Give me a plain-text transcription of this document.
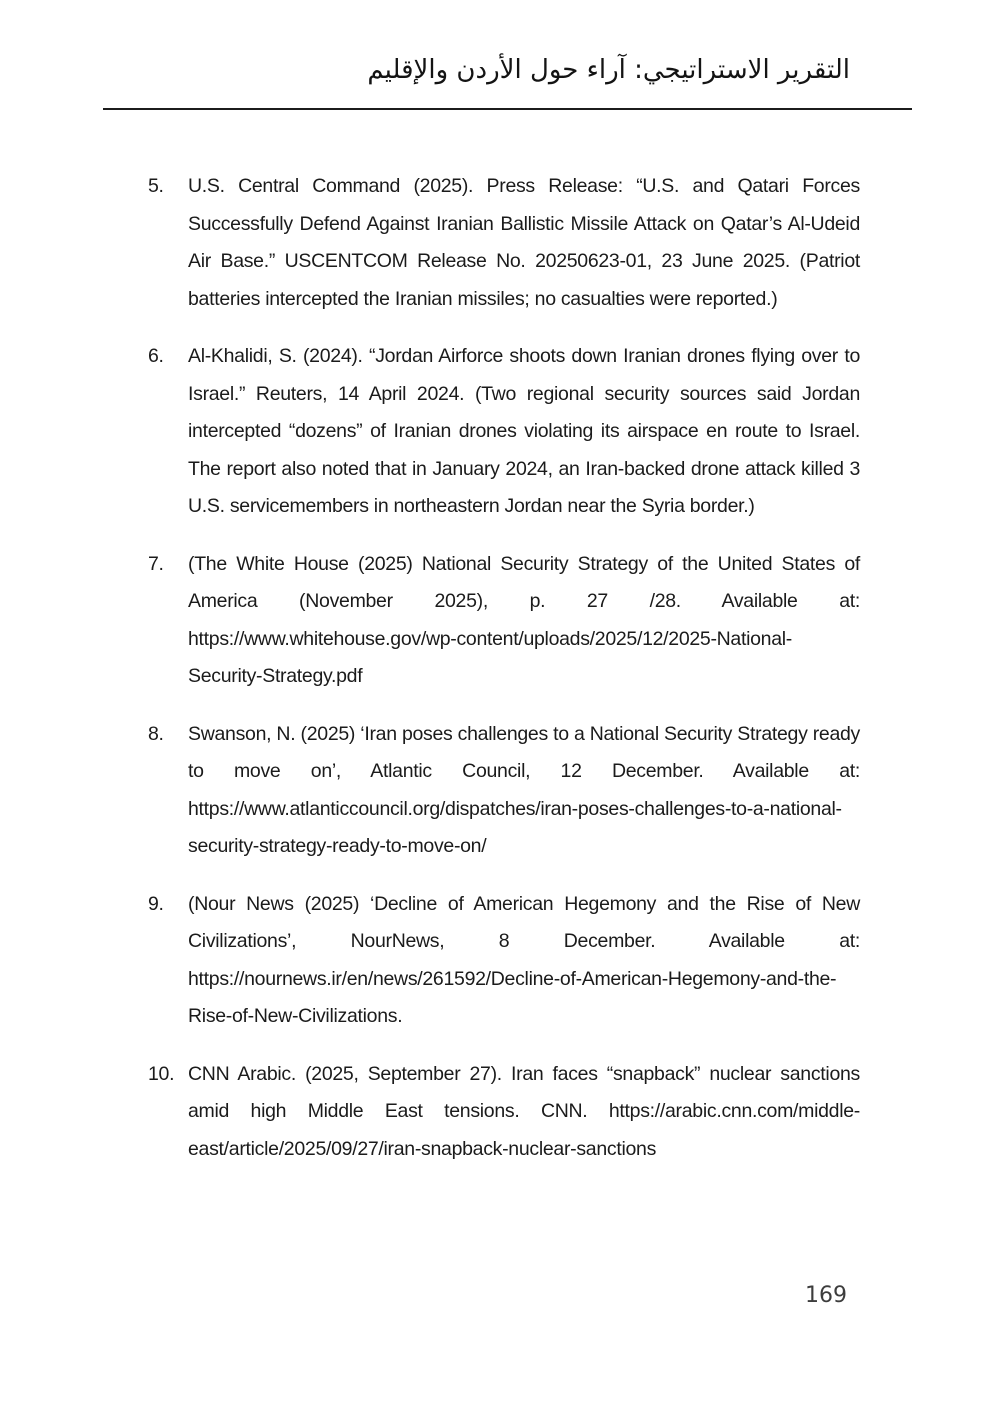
التقرير الاستراتيجي: آراء حول الأردن والإقليم
5.	U.S. Central Command (2025). Press Release: “U.S. and Qatari Forces Successfully Defend Against Iranian Ballistic Missile Attack on Qatar’s Al-Udeid Air Base.” USCENTCOM Release No. 20250623-01, 23 June 2025. (Patriot batteries intercepted the Iranian missiles; no casualties were reported.)
6.	Al-Khalidi, S. (2024). “Jordan Airforce shoots down Iranian drones flying over to Israel.” Reuters, 14 April 2024. (Two regional security sources said Jordan intercepted “dozens” of Iranian drones violating its airspace en route to Israel. The report also noted that in January 2024, an Iran-backed drone attack killed 3 U.S. servicemembers in northeastern Jordan near the Syria border.)
7.	(The White House (2025) National Security Strategy of the United States of America (November 2025), p. 27 /28. Available at: https://www.whitehouse.gov/wp-content/uploads/2025/12/2025-National-Security-Strategy.pdf
8.	Swanson, N. (2025) ‘Iran poses challenges to a National Security Strategy ready to move on’, Atlantic Council, 12 December. Available at: https://www.atlanticcouncil.org/dispatches/iran-poses-challenges-to-a-national-security-strategy-ready-to-move-on/
9.	(Nour News (2025) ‘Decline of American Hegemony and the Rise of New Civilizations’, NourNews, 8 December. Available at: https://nournews.ir/en/news/261592/Decline-of-American-Hegemony-and-the-Rise-of-New-Civilizations.
10. CNN Arabic. (2025, September 27). Iran faces “snapback” nuclear sanctions amid high Middle East tensions. CNN. https://arabic.cnn.com/middle-east/article/2025/09/27/iran-snapback-nuclear-sanctions
169
